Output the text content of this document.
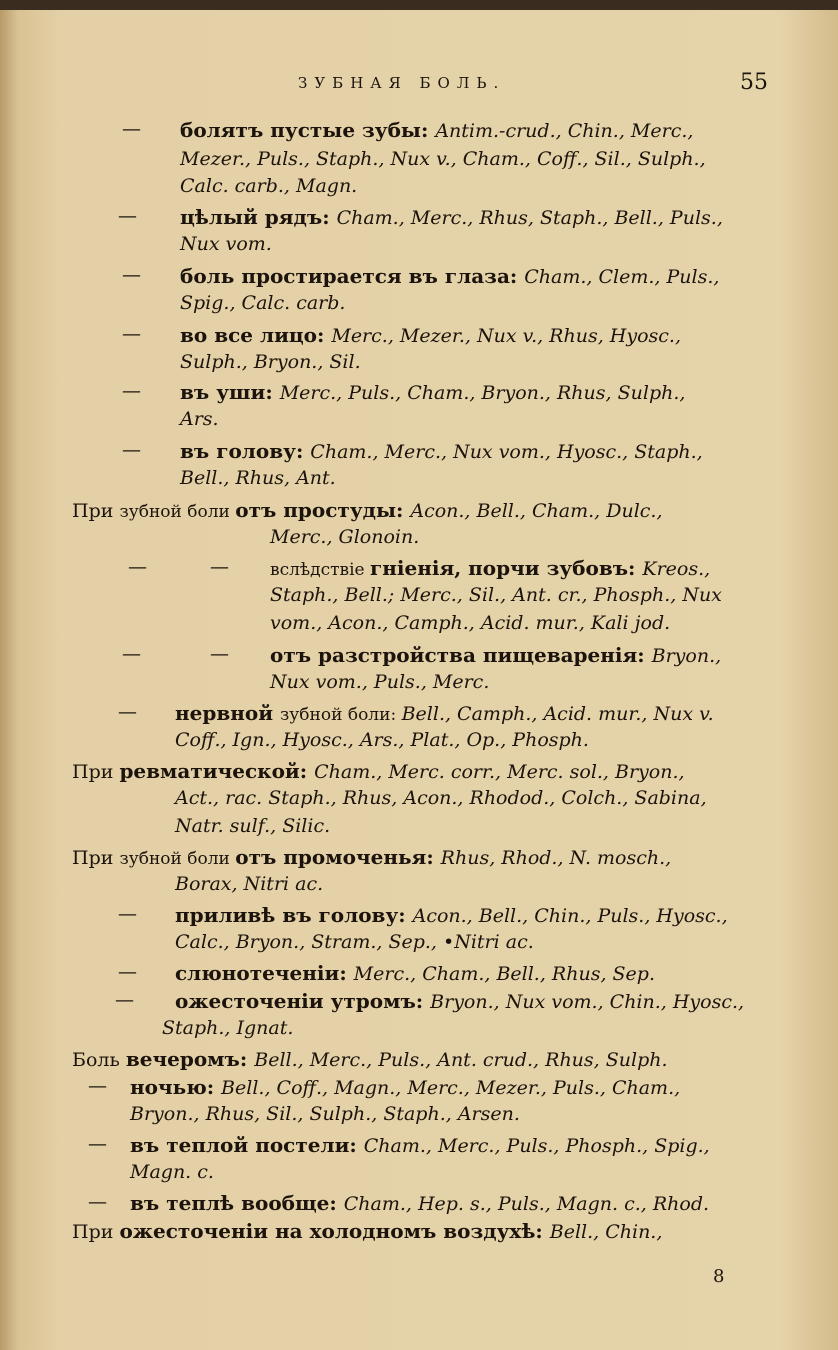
ЗУБНАЯ БОЛЬ.	55
— болятъ пустые зубы: Antim.-crud., Chin., Merc.,
Mezer., Puls., Staph., Nux v., Cham., Coff., Sil., Sulph.,
Calc. carb., Magn.
— цѣлый рядъ: Cham., Merc., Rhus, Staph., Bell., Puls.,
Nux vom.
— боль простирается въ глаза: Cham., Clem., Puls.,
Spig., Calc. carb.
— во все лицо: Merc., Mezer., Nux v., Rhus, Hyosc.,
Sulph., Bryon., Sil.
— въ уши: Merc., Puls., Cham., Bryon., Rhus, Sulph.,
Ars.
— въ голову: Cham., Merc., Nux vom., Hyosc., Staph.,
Bell., Rhus, Ant.
При зубной боли отъ простуды: Acon., Bell., Cham., Dulc.,
Merc., Glonoin.
—	— вслѣдствіе гніенія, порчи зубовъ: Kreos.,
Staph., Bell.; Merc., Sil., Ant. cr., Phosph., Nux
vom., Acon., Camph., Acid. mur., Kali jod.
—	— отъ разстройства пищеваренія: Bryon.,
Nux vom., Puls., Merc.
— нервной зубной боли: Bell., Camph., Acid. mur., Nux v.
Coff., Ign., Hyosc., Ars., Plat., Op., Phosph.
При ревматической: Cham., Merc. corr., Merc. sol., Bryon.,
Act., rac. Staph., Rhus, Acon., Rhodod., Colch., Sabina,
Natr. sulf., Silic.
При зубной боли отъ промоченья: Rhus, Rhod., N. mosch.,
Borax, Nitri ac.
— приливѣ въ голову: Acon., Bell., Chin., Puls., Hyosc.,
Calc., Bryon., Stram., Sep., •Nitri ac.
— слюнотеченіи: Merc., Cham., Bell., Rhus, Sep.
— ожесточеніи утромъ: Bryon., Nux vom., Chin., Hyosc.,
Staph., Ignat.
Боль вечеромъ: Bell., Merc., Puls., Ant. crud., Rhus, Sulph.
— ночью: Bell., Coff., Magn., Merc., Mezer., Puls., Cham.,
Bryon., Rhus, Sil., Sulph., Staph., Arsen.
— въ теплой постели: Cham., Merc., Puls., Phosph., Spig.,
Magn. c.
— въ теплѣ вообще: Cham., Hep. s., Puls., Magn. c., Rhod.
При ожесточеніи на холодномъ воздухѣ: Bell., Chin.,
8
